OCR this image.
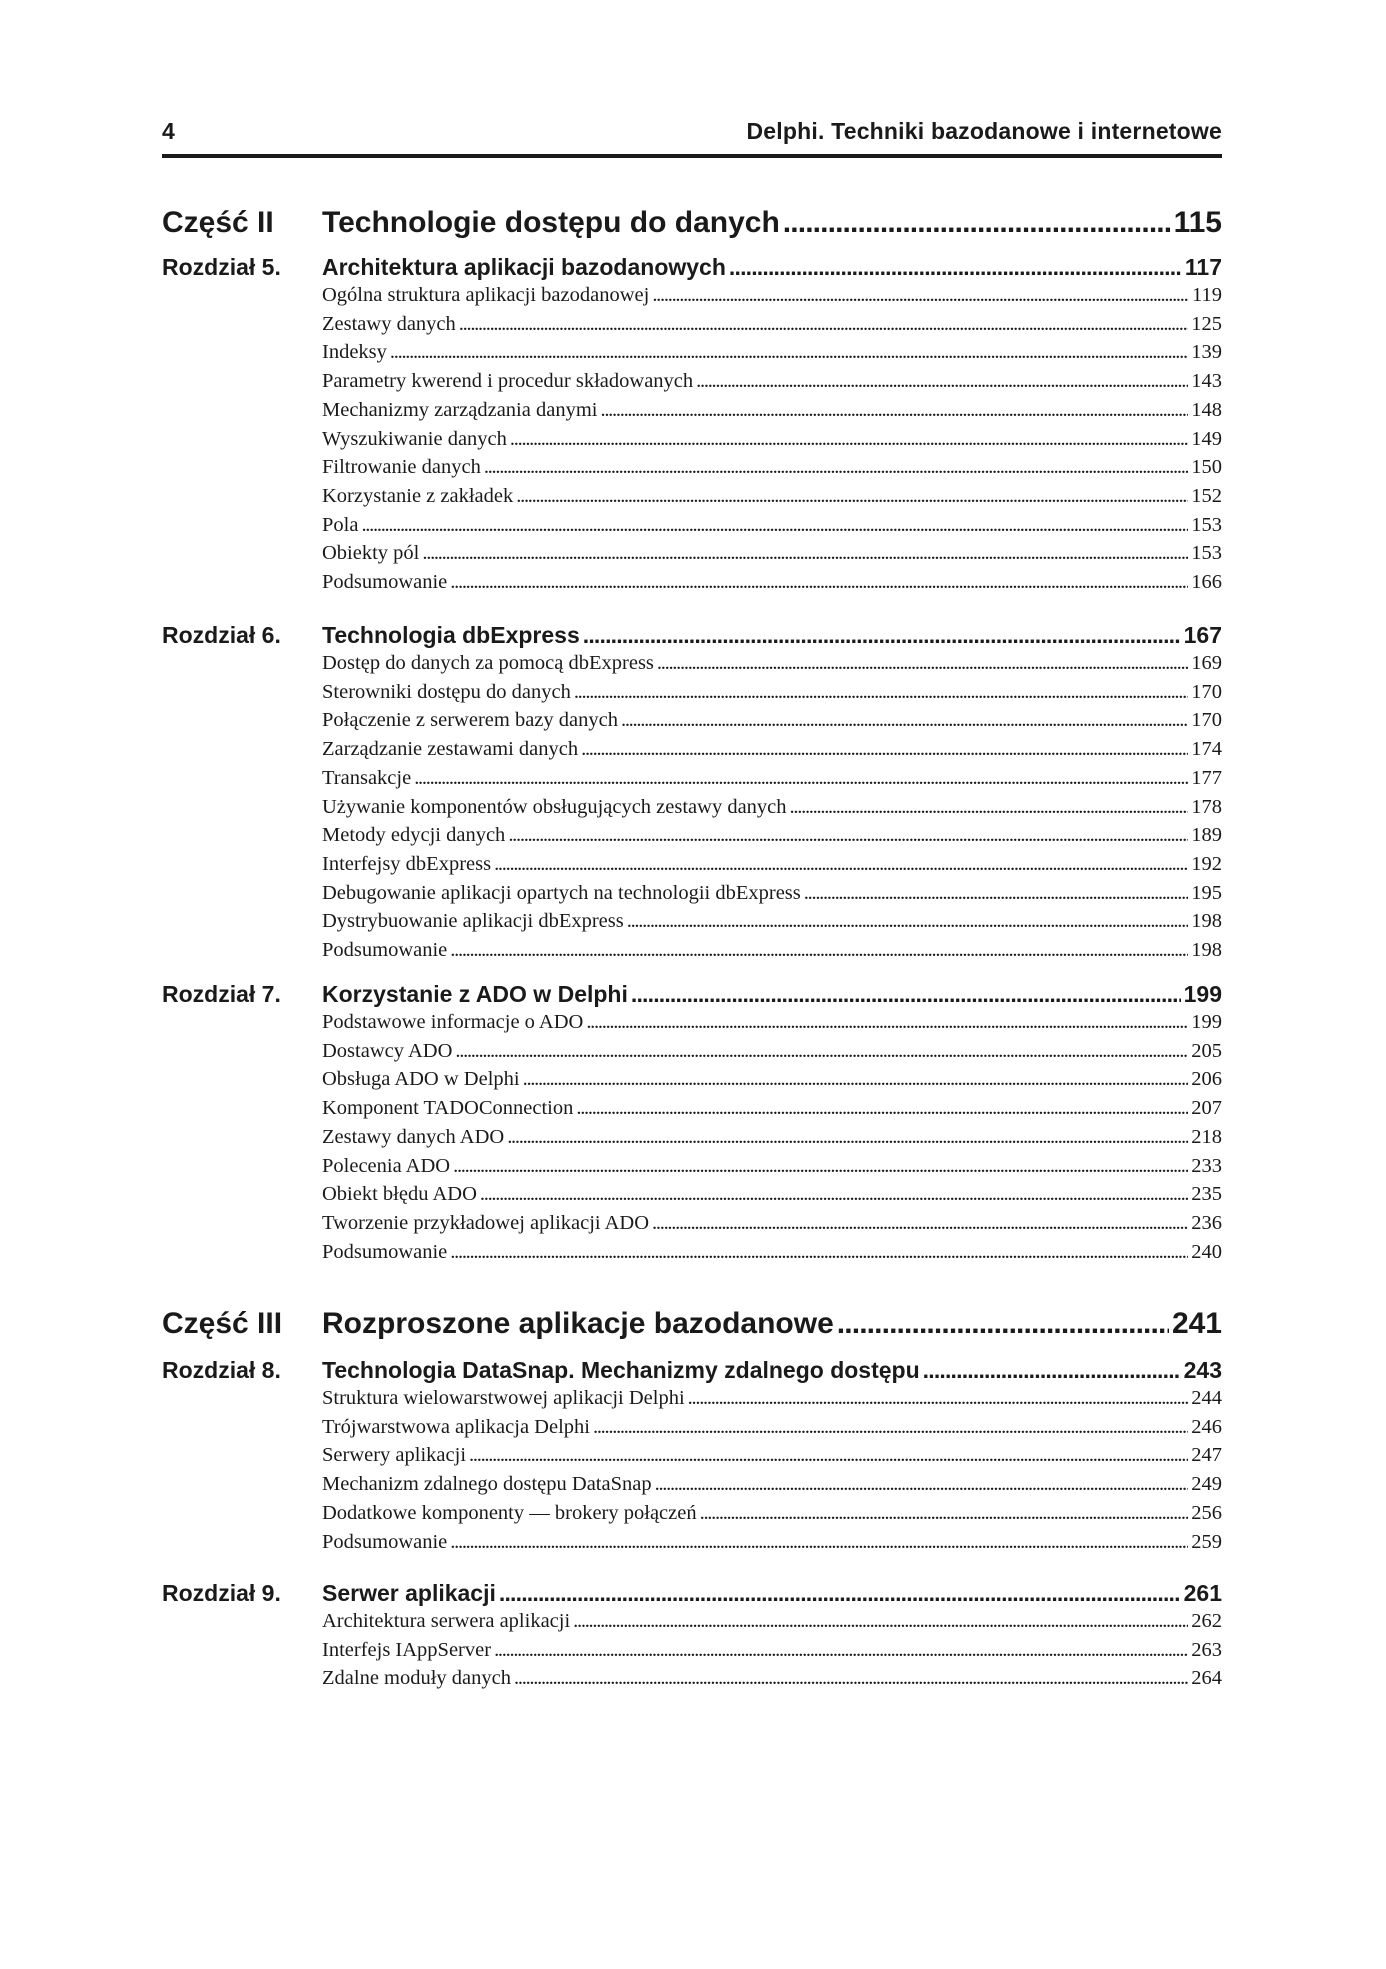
4	Delphi. Techniki bazodanowe i internetowe
Część II Technologie dostępu do danych . . .	115
Rozdział 5. Architektura aplikacji bazodanowych . . .	117
Ogólna struktura aplikacji bazodanowej . . .	119
Zestawy danych . . .	125
Indeksy . . .	139
Parametry kwerend i procedur składowanych . . .	143
Mechanizmy zarządzania danymi . . .	148
Wyszukiwanie danych . . .	149
Filtrowanie danych . . .	150
Korzystanie z zakładek . . .	152
Pola . . .	153
Obiekty pól . . .	153
Podsumowanie . . .	166
Rozdział 6. Technologia dbExpress . . .	167
Dostęp do danych za pomocą dbExpress . . .	169
Sterowniki dostępu do danych . . .	170
Połączenie z serwerem bazy danych . . .	170
Zarządzanie zestawami danych . . .	174
Transakcje . . .	177
Używanie komponentów obsługujących zestawy danych . . .	178
Metody edycji danych . . .	189
Interfejsy dbExpress . . .	192
Debugowanie aplikacji opartych na technologii dbExpress . . .	195
Dystrybuowanie aplikacji dbExpress . . .	198
Podsumowanie . . .	198
Rozdział 7. Korzystanie z ADO w Delphi . . .	199
Podstawowe informacje o ADO . . .	199
Dostawcy ADO . . .	205
Obsługa ADO w Delphi . . .	206
Komponent TADOConnection . . .	207
Zestawy danych ADO . . .	218
Polecenia ADO . . .	233
Obiekt błędu ADO . . .	235
Tworzenie przykładowej aplikacji ADO . . .	236
Podsumowanie . . .	240
Część III Rozproszone aplikacje bazodanowe . . .	241
Rozdział 8. Technologia DataSnap. Mechanizmy zdalnego dostępu . . .	243
Struktura wielowarstwowej aplikacji Delphi . . .	244
Trójwarstwowa aplikacja Delphi . . .	246
Serwery aplikacji . . .	247
Mechanizm zdalnego dostępu DataSnap . . .	249
Dodatkowe komponenty — brokery połączeń . . .	256
Podsumowanie . . .	259
Rozdział 9. Serwer aplikacji . . .	261
Architektura serwera aplikacji . . .	262
Interfejs IAppServer . . .	263
Zdalne moduły danych . . .	264
